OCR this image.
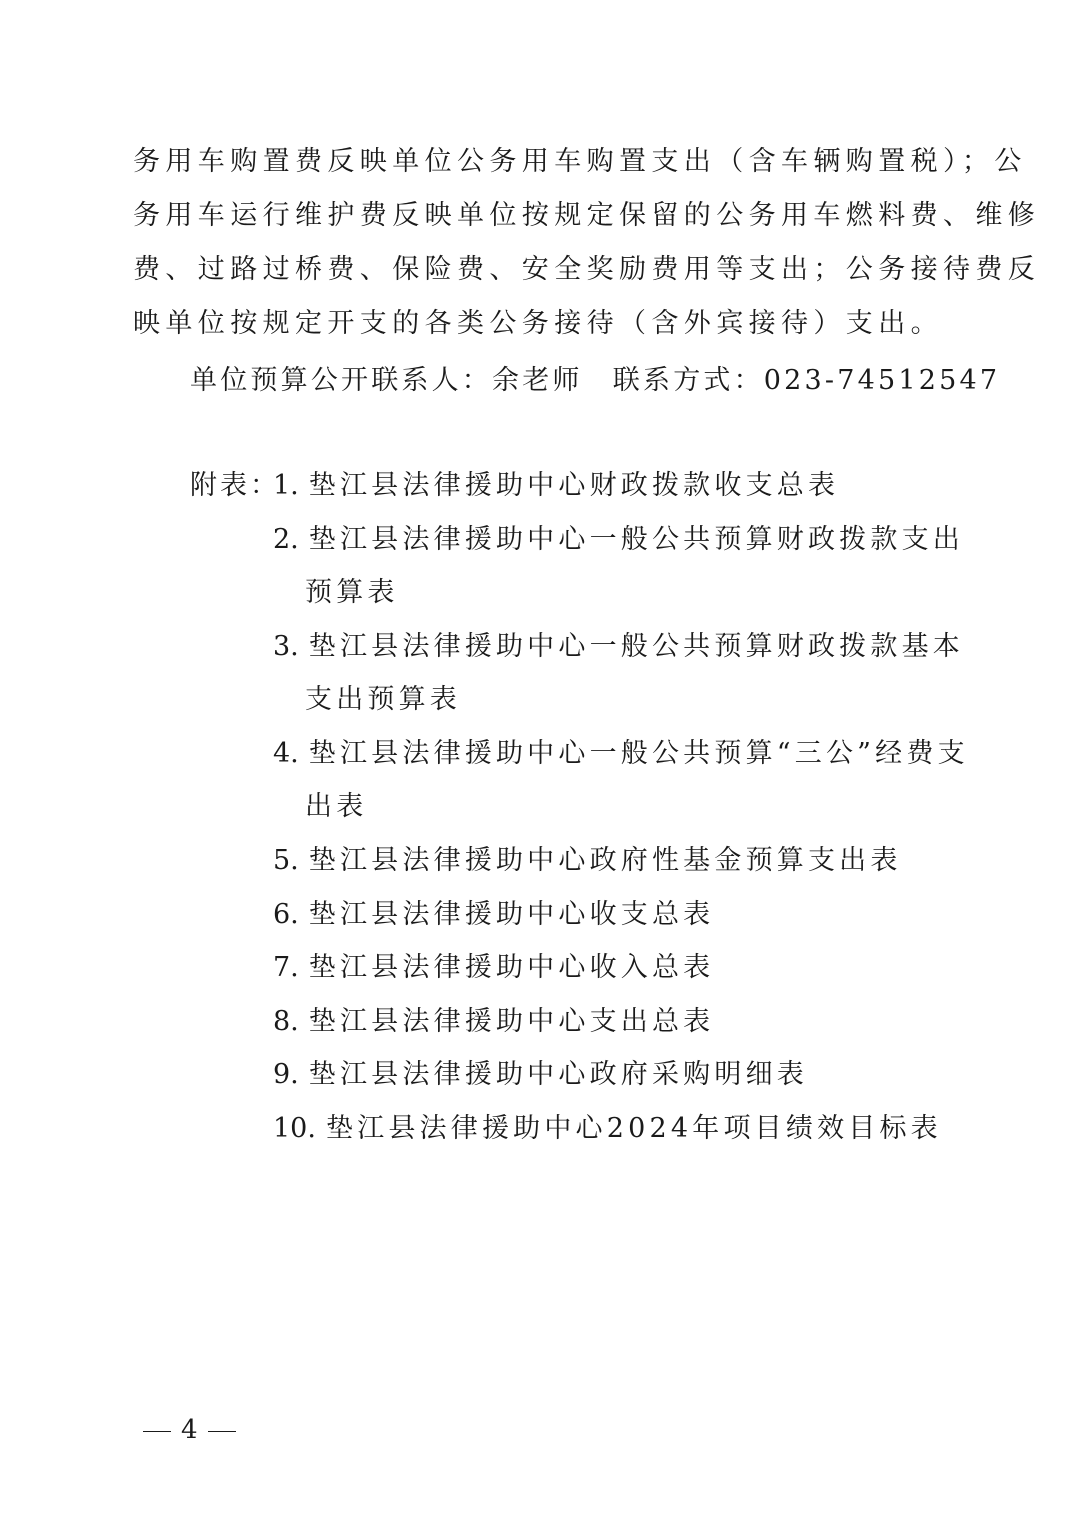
务用车购置费反映单位公务用车购置支出（含车辆购置税）；公
务用车运行维护费反映单位按规定保留的公务用车燃料费、维修
费、过路过桥费、保险费、安全奖励费用等支出；公务接待费反
映单位按规定开支的各类公务接待（含外宾接待）支出。
单位预算公开联系人：余老师　联系方式：023-74512547
附表：
1. 垫江县法律援助中心财政拨款收支总表
2. 垫江县法律援助中心一般公共预算财政拨款支出
预算表
3. 垫江县法律援助中心一般公共预算财政拨款基本
支出预算表
4. 垫江县法律援助中心一般公共预算“三公”经费支
出表
5. 垫江县法律援助中心政府性基金预算支出表
6. 垫江县法律援助中心收支总表
7. 垫江县法律援助中心收入总表
8. 垫江县法律援助中心支出总表
9. 垫江县法律援助中心政府采购明细表
10. 垫江县法律援助中心2024年项目绩效目标表
4
